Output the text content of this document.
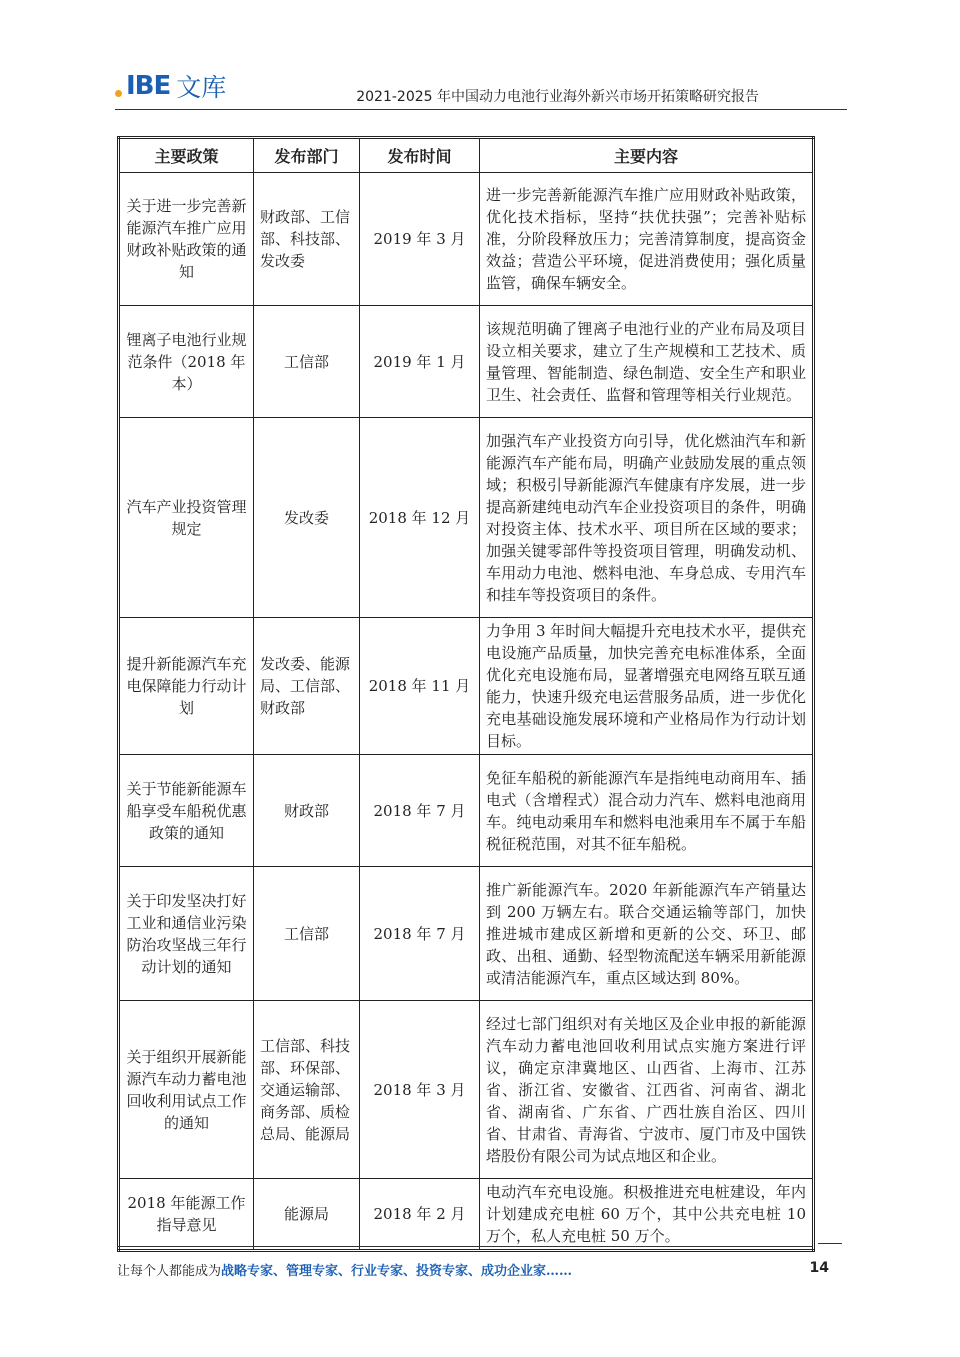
IBE 文库	2021-2025 年中国动力电池行业海外新兴市场开拓策略研究报告
主要政策	发布部门	发布时间	主要内容
关于进一步完善新能源汽车推广应用财政补贴政策的通知	财政部、工信部、科技部、发改委	2019 年 3 月	进一步完善新能源汽车推广应用财政补贴政策，优化技术指标，坚持“扶优扶强”；完善补贴标准，分阶段释放压力；完善清算制度，提高资金效益；营造公平环境，促进消费使用；强化质量监管，确保车辆安全。
锂离子电池行业规范条件（2018 年本）	工信部	2019 年 1 月	该规范明确了锂离子电池行业的产业布局及项目设立相关要求，建立了生产规模和工艺技术、质量管理、智能制造、绿色制造、安全生产和职业卫生、社会责任、监督和管理等相关行业规范。
汽车产业投资管理规定	发改委	2018 年 12 月	加强汽车产业投资方向引导，优化燃油汽车和新能源汽车产能布局，明确产业鼓励发展的重点领域；积极引导新能源汽车健康有序发展，进一步提高新建纯电动汽车企业投资项目的条件，明确对投资主体、技术水平、项目所在区域的要求；加强关键零部件等投资项目管理，明确发动机、车用动力电池、燃料电池、车身总成、专用汽车和挂车等投资项目的条件。
提升新能源汽车充电保障能力行动计划	发改委、能源局、工信部、财政部	2018 年 11 月	力争用 3 年时间大幅提升充电技术水平，提供充电设施产品质量，加快完善充电标准体系，全面优化充电设施布局，显著增强充电网络互联互通能力，快速升级充电运营服务品质，进一步优化充电基础设施发展环境和产业格局作为行动计划目标。
关于节能新能源车船享受车船税优惠政策的通知	财政部	2018 年 7 月	免征车船税的新能源汽车是指纯电动商用车、插电式（含增程式）混合动力汽车、燃料电池商用车。纯电动乘用车和燃料电池乘用车不属于车船税征税范围，对其不征车船税。
关于印发坚决打好工业和通信业污染防治攻坚战三年行动计划的通知	工信部	2018 年 7 月	推广新能源汽车。2020 年新能源汽车产销量达到 200 万辆左右。联合交通运输等部门，加快推进城市建成区新增和更新的公交、环卫、邮政、出租、通勤、轻型物流配送车辆采用新能源或清洁能源汽车，重点区域达到 80%。
关于组织开展新能源汽车动力蓄电池回收利用试点工作的通知	工信部、科技部、环保部、交通运输部、商务部、质检总局、能源局	2018 年 3 月	经过七部门组织对有关地区及企业申报的新能源汽车动力蓄电池回收利用试点实施方案进行评议，确定京津冀地区、山西省、上海市、江苏省、浙江省、安徽省、江西省、河南省、湖北省、湖南省、广东省、广西壮族自治区、四川省、甘肃省、青海省、宁波市、厦门市及中国铁塔股份有限公司为试点地区和企业。
2018 年能源工作指导意见	能源局	2018 年 2 月	电动汽车充电设施。积极推进充电桩建设，年内计划建成充电桩 60 万个，其中公共充电桩 10 万个，私人充电桩 50 万个。
让每个人都能成为战略专家、管理专家、行业专家、投资专家、成功企业家……	14
